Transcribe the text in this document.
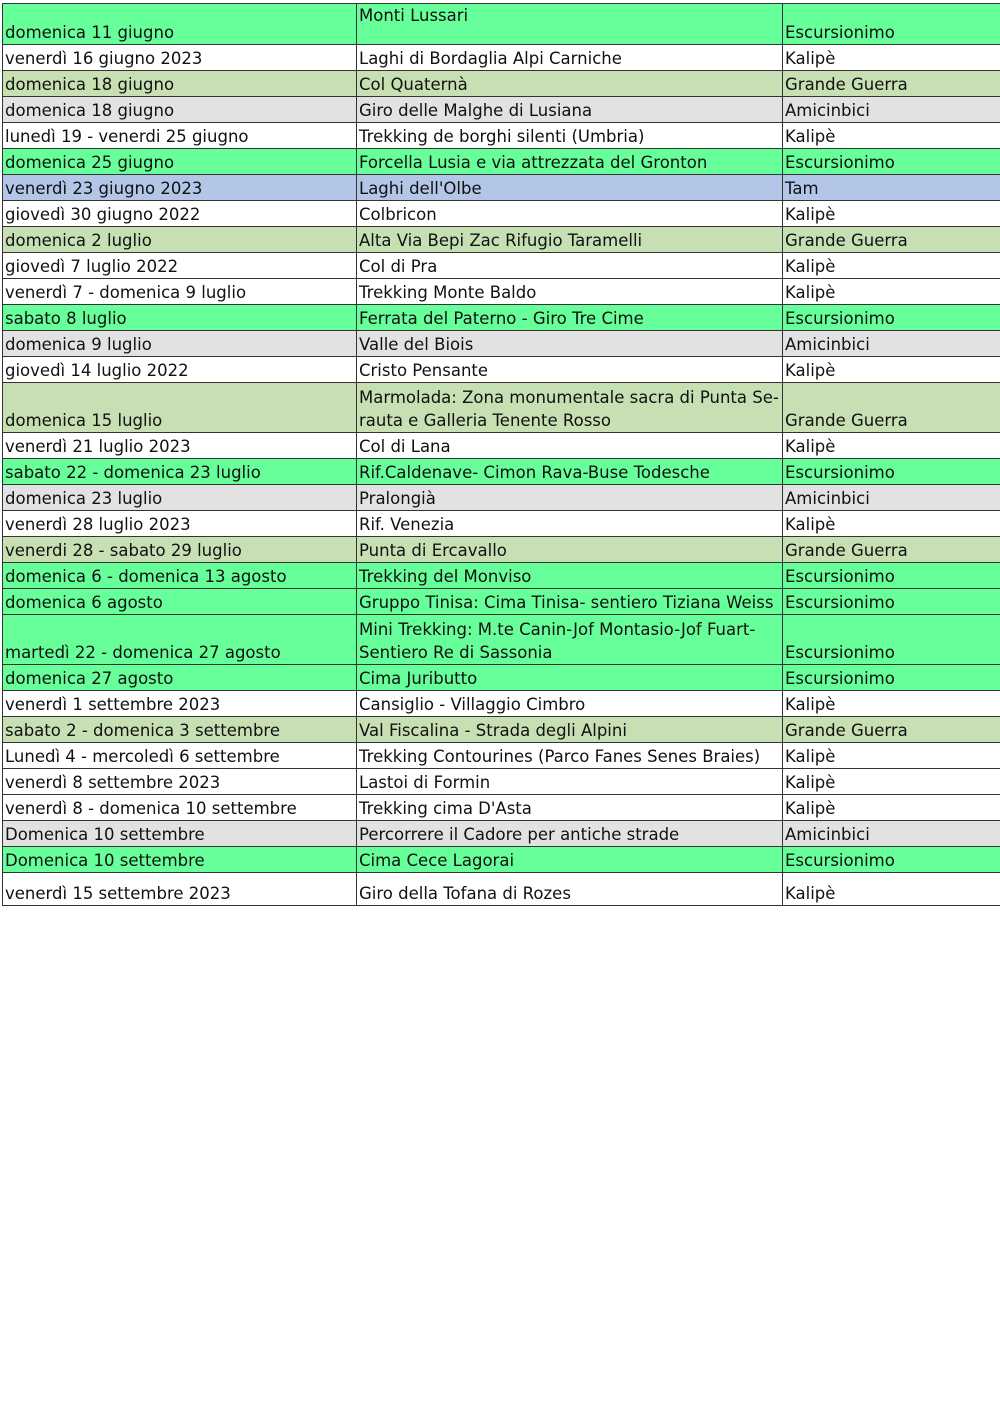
domenica 11 giugno	Monti Lussari	Escursionimo
venerdì 16 giugno 2023	Laghi di Bordaglia Alpi Carniche	Kalipè
domenica 18 giugno	Col Quaternà	Grande Guerra
domenica 18 giugno	Giro delle Malghe di Lusiana	Amicinbici
lunedì 19 - venerdi 25 giugno	Trekking de borghi silenti (Umbria)	Kalipè
domenica 25 giugno	Forcella Lusia e via attrezzata del Gronton	Escursionimo
venerdì 23 giugno 2023	Laghi dell'Olbe	Tam
giovedì 30 giugno 2022	Colbricon	Kalipè
domenica 2 luglio	Alta Via Bepi Zac Rifugio Taramelli	Grande Guerra
giovedì 7 luglio 2022	Col di Pra	Kalipè
venerdì 7 - domenica 9 luglio	Trekking Monte Baldo	Kalipè
sabato 8 luglio	Ferrata del Paterno - Giro Tre Cime	Escursionimo
domenica 9 luglio	Valle del Biois	Amicinbici
giovedì 14 luglio 2022	Cristo Pensante	Kalipè
domenica 15 luglio	Marmolada: Zona monumentale sacra di Punta Se-rauta e Galleria Tenente Rosso	Grande Guerra
venerdì 21 luglio 2023	Col di Lana	Kalipè
sabato 22 - domenica 23 luglio	Rif.Caldenave- Cimon Rava-Buse Todesche	Escursionimo
domenica 23 luglio	Pralongià	Amicinbici
venerdì 28 luglio 2023	Rif. Venezia	Kalipè
venerdi 28 - sabato 29 luglio	Punta di Ercavallo	Grande Guerra
domenica 6 - domenica 13 agosto	Trekking del Monviso	Escursionimo
domenica 6 agosto	Gruppo Tinisa: Cima Tinisa- sentiero Tiziana Weiss	Escursionimo
martedì 22 - domenica 27 agosto	Mini Trekking: M.te Canin-Jof Montasio-Jof Fuart-Sentiero Re di Sassonia	Escursionimo
domenica 27 agosto	Cima Juributto	Escursionimo
venerdì 1 settembre 2023	Cansiglio - Villaggio Cimbro	Kalipè
sabato 2 - domenica 3 settembre	Val Fiscalina - Strada degli Alpini	Grande Guerra
Lunedì 4 - mercoledì 6 settembre	Trekking Contourines (Parco Fanes Senes Braies)	Kalipè
venerdì 8 settembre 2023	Lastoi di Formin	Kalipè
venerdì 8 - domenica 10 settembre	Trekking cima D'Asta	Kalipè
Domenica 10 settembre	Percorrere il Cadore per antiche strade	Amicinbici
Domenica 10 settembre	Cima Cece Lagorai	Escursionimo
venerdì 15 settembre 2023	Giro della Tofana di Rozes	Kalipè
